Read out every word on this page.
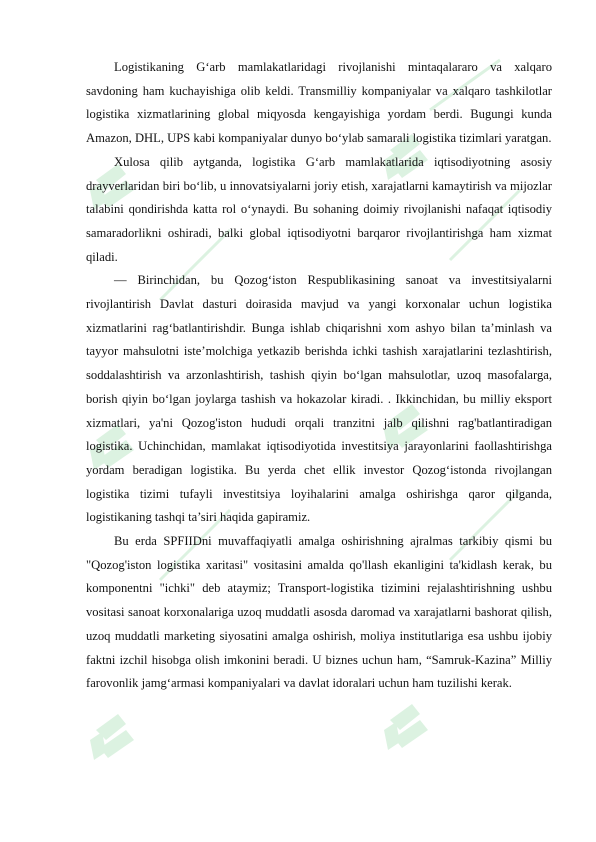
Logistikaning G‘arb mamlakatlaridagi rivojlanishi mintaqalararo va xalqaro savdoning ham kuchayishiga olib keldi. Transmilliy kompaniyalar va xalqaro tashkilotlar logistika xizmatlarining global miqyosda kengayishiga yordam berdi. Bugungi kunda Amazon, DHL, UPS kabi kompaniyalar dunyo bo‘ylab samarali logistika tizimlari yaratgan.

Xulosa qilib aytganda, logistika G‘arb mamlakatlarida iqtisodiyotning asosiy drayverlaridan biri bo‘lib, u innovatsiyalarni joriy etish, xarajatlarni kamaytirish va mijozlar talabini qondirishda katta rol o‘ynaydi. Bu sohaning doimiy rivojlanishi nafaqat iqtisodiy samaradorlikni oshiradi, balki global iqtisodiyotni barqaror rivojlantirishga ham xizmat qiladi.

— Birinchidan, bu Qozog‘iston Respublikasining sanoat va investitsiyalarni rivojlantirish Davlat dasturi doirasida mavjud va yangi korxonalar uchun logistika xizmatlarini rag‘batlantirishdir. Bunga ishlab chiqarishni xom ashyo bilan ta’minlash va tayyor mahsulotni iste’molchiga yetkazib berishda ichki tashish xarajatlarini tezlashtirish, soddalashtirish va arzonlashtirish, tashish qiyin bo‘lgan mahsulotlar, uzoq masofalarga, borish qiyin bo‘lgan joylarga tashish va hokazolar kiradi. . Ikkinchidan, bu milliy eksport xizmatlari, ya'ni Qozog'iston hududi orqali tranzitni jalb qilishni rag'batlantiradigan logistika. Uchinchidan, mamlakat iqtisodiyotida investitsiya jarayonlarini faollashtirishga yordam beradigan logistika. Bu yerda chet ellik investor Qozog‘istonda rivojlangan logistika tizimi tufayli investitsiya loyihalarini amalga oshirishga qaror qilganda, logistikaning tashqi ta’siri haqida gapiramiz.

Bu erda SPFIIDni muvaffaqiyatli amalga oshirishning ajralmas tarkibiy qismi bu "Qozog'iston logistika xaritasi" vositasini amalda qo'llash ekanligini ta'kidlash kerak, bu komponentni "ichki" deb ataymiz; Transport-logistika tizimini rejalashtirishning ushbu vositasi sanoat korxonalariga uzoq muddatli asosda daromad va xarajatlarni bashorat qilish, uzoq muddatli marketing siyosatini amalga oshirish, moliya institutlariga esa ushbu ijobiy faktni izchil hisobga olish imkonini beradi. U biznes uchun ham, “Samruk-Kazina” Milliy farovonlik jamg‘armasi kompaniyalari va davlat idoralari uchun ham tuzilishi kerak.
